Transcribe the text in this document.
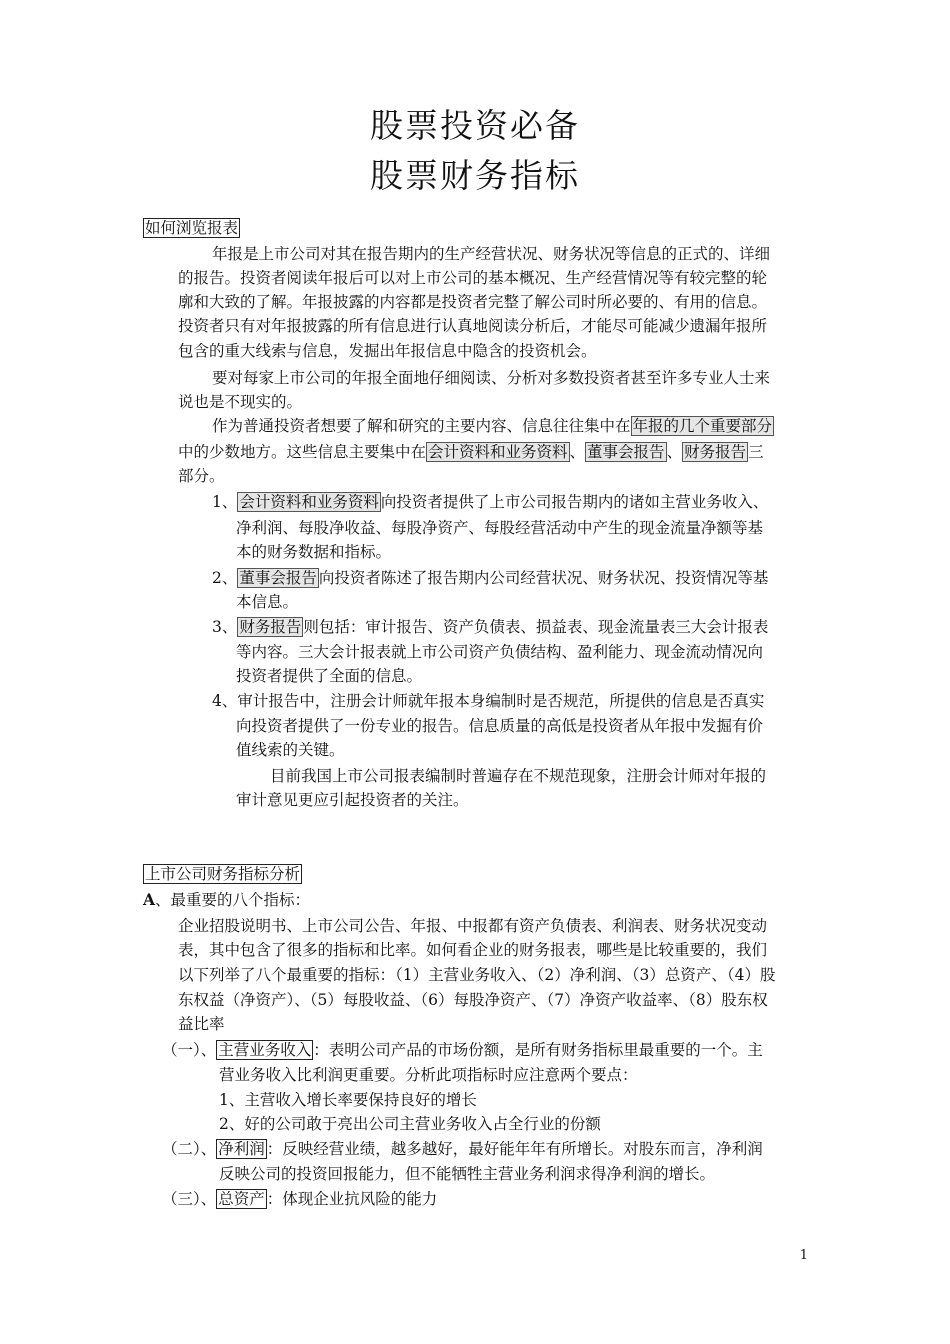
股票投资必备
股票财务指标
如何浏览报表
年报是上市公司对其在报告期内的生产经营状况、财务状况等信息的正式的、详细
的报告。投资者阅读年报后可以对上市公司的基本概况、生产经营情况等有较完整的轮
廓和大致的了解。年报披露的内容都是投资者完整了解公司时所必要的、有用的信息。
投资者只有对年报披露的所有信息进行认真地阅读分析后，才能尽可能减少遗漏年报所
包含的重大线索与信息，发掘出年报信息中隐含的投资机会。
要对每家上市公司的年报全面地仔细阅读、分析对多数投资者甚至许多专业人士来
说也是不现实的。
作为普通投资者想要了解和研究的主要内容、信息往往集中在 年报的几个重要部分
中的少数地方。这些信息主要集中在 会计资料和业务资料 、 董事会报告 、 财务报告 三
部分。
1、 会计资料和业务资料 向投资者提供了上市公司报告期内的诸如主营业务收入、
净利润、每股净收益、每股净资产、每股经营活动中产生的现金流量净额等基
本的财务数据和指标。
2、 董事会报告 向投资者陈述了报告期内公司经营状况、财务状况、投资情况等基
本信息。
3、 财务报告 则包括：审计报告、资产负债表、损益表、现金流量表三大会计报表
等内容。三大会计报表就上市公司资产负债结构、盈利能力、现金流动情况向
投资者提供了全面的信息。
4、审计报告中，注册会计师就年报本身编制时是否规范，所提供的信息是否真实
向投资者提供了一份专业的报告。信息质量的高低是投资者从年报中发掘有价
值线索的关键。
目前我国上市公司报表编制时普遍存在不规范现象，注册会计师对年报的
审计意见更应引起投资者的关注。
上市公司财务指标分析
A、最重要的八个指标：
企业招股说明书、上市公司公告、年报、中报都有资产负债表、利润表、财务状况变动
表，其中包含了很多的指标和比率。如何看企业的财务报表，哪些是比较重要的，我们
以下列举了八个最重要的指标：（1）主营业务收入、（2）净利润、（3）总资产、（4）股
东权益（净资产）、（5）每股收益、（6）每股净资产、（7）净资产收益率、（8）股东权
益比率
（一）、 主营业务收入 ：表明公司产品的市场份额，是所有财务指标里最重要的一个。主
营业务收入比利润更重要。分析此项指标时应注意两个要点：
1、主营收入增长率要保持良好的增长
2、好的公司敢于亮出公司主营业务收入占全行业的份额
（二）、 净利润 ：反映经营业绩，越多越好，最好能年年有所增长。对股东而言，净利润
反映公司的投资回报能力，但不能牺牲主营业务利润求得净利润的增长。
（三）、 总资产 ：体现企业抗风险的能力
1
